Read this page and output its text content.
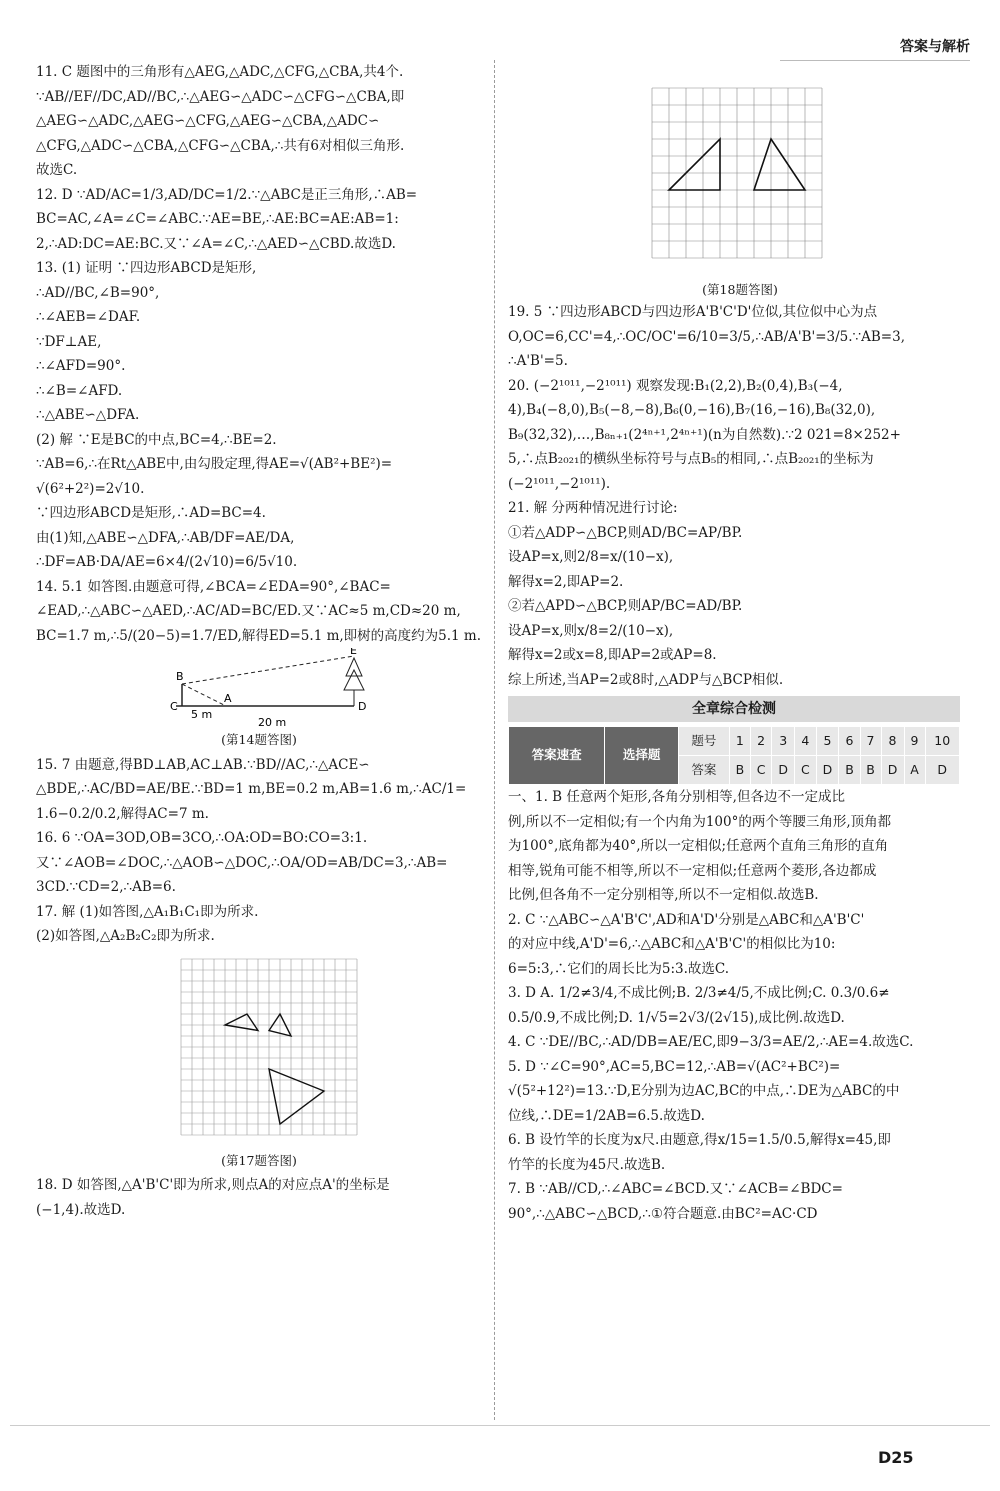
答案与解析
11. C 题图中的三角形有△AEG,△ADC,△CFG,△CBA,共4个.
∵AB//EF//DC,AD//BC,∴△AEG∽△ADC∽△CFG∽△CBA,即
△AEG∽△ADC,△AEG∽△CFG,△AEG∽△CBA,△ADC∽
△CFG,△ADC∽△CBA,△CFG∽△CBA,∴共有6对相似三角形.
故选C.
12. D ∵AD/AC=1/3,AD/DC=1/2.∵△ABC是正三角形,∴AB=
BC=AC,∠A=∠C=∠ABC.∵AE=BE,∴AE:BC=AE:AB=1:
2,∴AD:DC=AE:BC.又∵∠A=∠C,∴△AED∽△CBD.故选D.
13. (1) 证明 ∵四边形ABCD是矩形,
∴AD//BC,∠B=90°,
∴∠AEB=∠DAF.
∵DF⊥AE,
∴∠AFD=90°.
∴∠B=∠AFD.
∴△ABE∽△DFA.
(2) 解 ∵E是BC的中点,BC=4,∴BE=2.
∵AB=6,∴在Rt△ABE中,由勾股定理,得AE=√(AB²+BE²)=
√(6²+2²)=2√10.
∵四边形ABCD是矩形,∴AD=BC=4.
由(1)知,△ABE∽△DFA,∴AB/DF=AE/DA,
∴DF=AB·DA/AE=6×4/(2√10)=6/5√10.
14. 5.1 如答图.由题意可得,∠BCA=∠EDA=90°,∠BAC=
∠EAD,∴△ABC∽△AED,∴AC/AD=BC/ED.又∵AC≈5 m,CD≈20 m,
BC=1.7 m,∴5/(20−5)=1.7/ED,解得ED=5.1 m,即树的高度约为5.1 m.
B
C
A
E
D
5 m
20 m
(第14题答图)
15. 7 由题意,得BD⊥AB,AC⊥AB.∵BD//AC,∴△ACE∽
△BDE,∴AC/BD=AE/BE.∵BD=1 m,BE=0.2 m,AB=1.6 m,∴AC/1=
1.6−0.2/0.2,解得AC=7 m.
16. 6 ∵OA=3OD,OB=3CO,∴OA:OD=BO:CO=3:1.
又∵∠AOB=∠DOC,∴△AOB∽△DOC,∴OA/OD=AB/DC=3,∴AB=
3CD.∵CD=2,∴AB=6.
17. 解 (1)如答图,△A₁B₁C₁即为所求.
(2)如答图,△A₂B₂C₂即为所求.
(第17题答图)
18. D 如答图,△A'B'C'即为所求,则点A的对应点A'的坐标是
(−1,4).故选D.
(第18题答图)
19. 5 ∵四边形ABCD与四边形A'B'C'D'位似,其位似中心为点
O,OC=6,CC'=4,∴OC/OC'=6/10=3/5,∴AB/A'B'=3/5.∵AB=3,
∴A'B'=5.
20. (−2¹⁰¹¹,−2¹⁰¹¹) 观察发现:B₁(2,2),B₂(0,4),B₃(−4,
4),B₄(−8,0),B₅(−8,−8),B₆(0,−16),B₇(16,−16),B₈(32,0),
B₉(32,32),…,B₈ₙ₊₁(2⁴ⁿ⁺¹,2⁴ⁿ⁺¹)(n为自然数).∵2 021=8×252+
5,∴点B₂₀₂₁的横纵坐标符号与点B₅的相同,∴点B₂₀₂₁的坐标为
(−2¹⁰¹¹,−2¹⁰¹¹).
21. 解 分两种情况进行讨论:
①若△ADP∽△BCP,则AD/BC=AP/BP.
设AP=x,则2/8=x/(10−x),
解得x=2,即AP=2.
②若△APD∽△BCP,则AP/BC=AD/BP.
设AP=x,则x/8=2/(10−x),
解得x=2或x=8,即AP=2或AP=8.
综上所述,当AP=2或8时,△ADP与△BCP相似.
全章综合检测
答案速查	选择题	题号	1	2	3	4	5	6	7	8	9	10
		答案	B	C	D	C	D	B	B	D	A	D
一、1. B 任意两个矩形,各角分别相等,但各边不一定成比
例,所以不一定相似;有一个内角为100°的两个等腰三角形,顶角都
为100°,底角都为40°,所以一定相似;任意两个直角三角形的直角
相等,锐角可能不相等,所以不一定相似;任意两个菱形,各边都成
比例,但各角不一定分别相等,所以不一定相似.故选B.
2. C ∵△ABC∽△A'B'C',AD和A'D'分别是△ABC和△A'B'C'
的对应中线,A'D'=6,∴△ABC和△A'B'C'的相似比为10:
6=5:3,∴它们的周长比为5:3.故选C.
3. D A. 1/2≠3/4,不成比例;B. 2/3≠4/5,不成比例;C. 0.3/0.6≠
0.5/0.9,不成比例;D. 1/√5=2√3/(2√15),成比例.故选D.
4. C ∵DE//BC,∴AD/DB=AE/EC,即9−3/3=AE/2,∴AE=4.故选C.
5. D ∵∠C=90°,AC=5,BC=12,∴AB=√(AC²+BC²)=
√(5²+12²)=13.∵D,E分别为边AC,BC的中点,∴DE为△ABC的中
位线,∴DE=1/2AB=6.5.故选D.
6. B 设竹竿的长度为x尺.由题意,得x/15=1.5/0.5,解得x=45,即
竹竿的长度为45尺.故选B.
7. B ∵AB//CD,∴∠ABC=∠BCD.又∵∠ACB=∠BDC=
90°,∴△ABC∽△BCD,∴①符合题意.由BC²=AC·CD
D25
